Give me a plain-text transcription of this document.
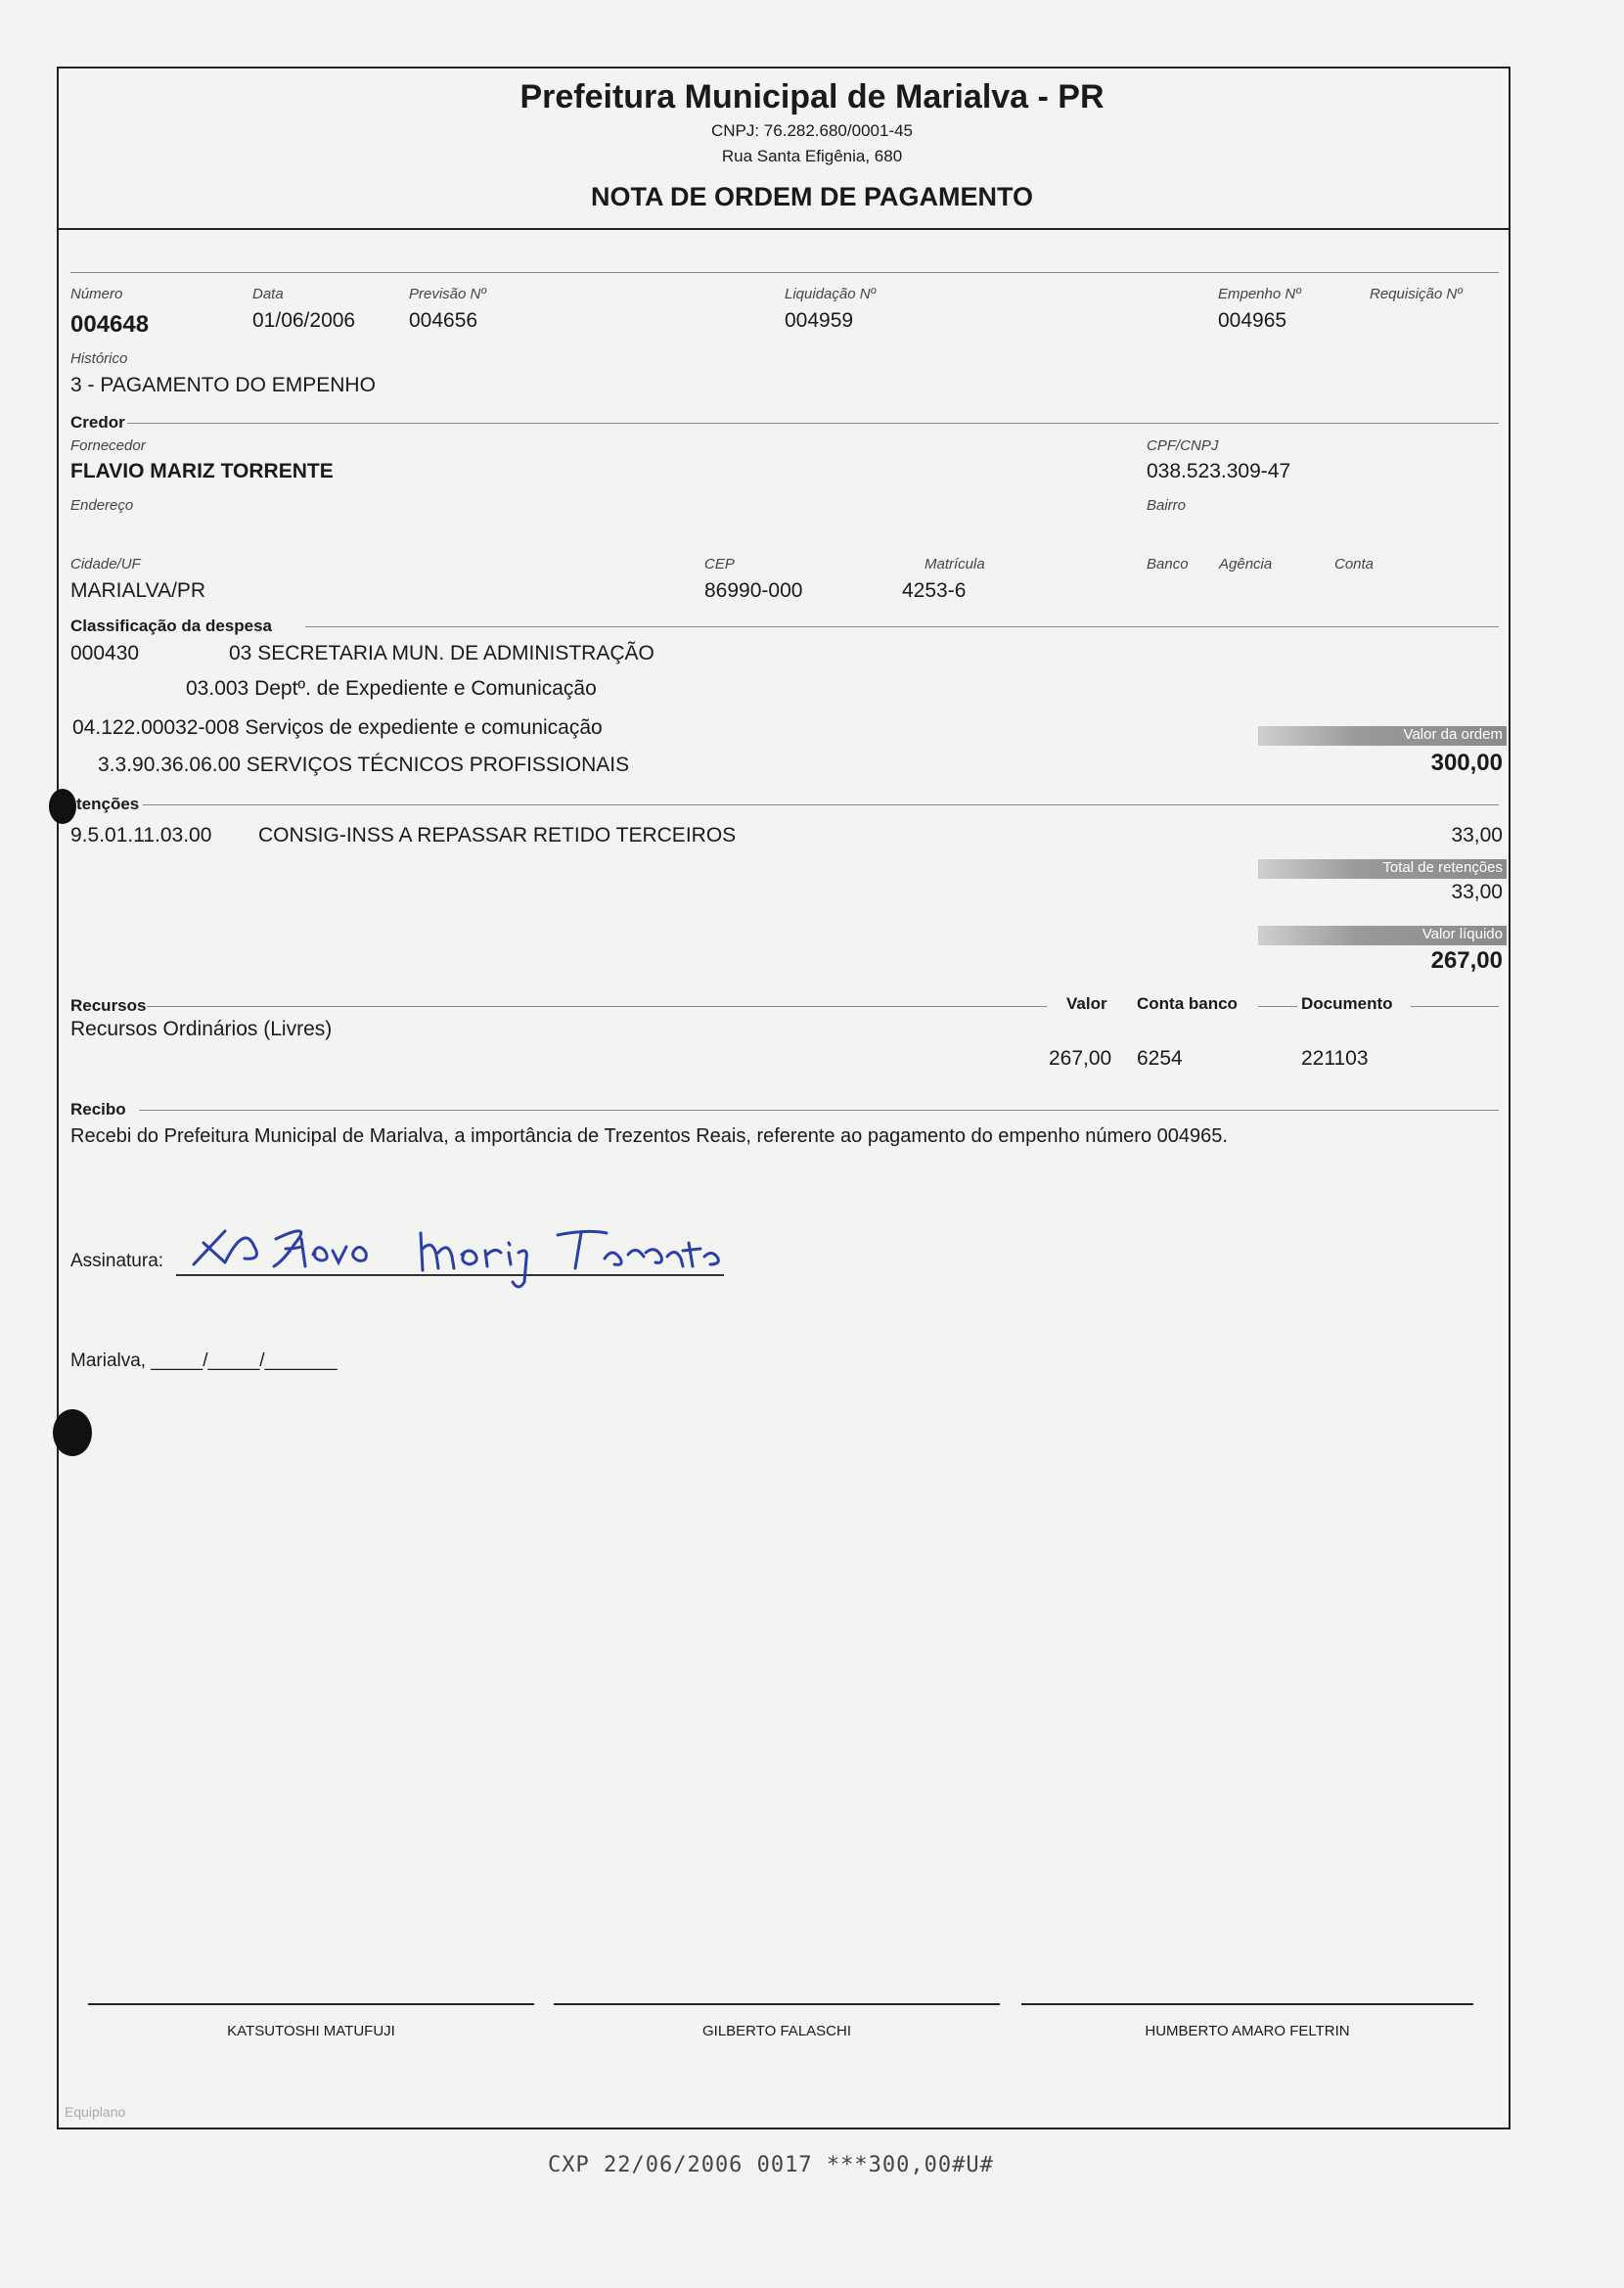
Prefeitura Municipal de Marialva - PR
CNPJ: 76.282.680/0001-45
Rua Santa Efigênia, 680
NOTA DE ORDEM DE PAGAMENTO
Número
004648
Data
01/06/2006
Previsão Nº
004656
Liquidação Nº
004959
Empenho Nº
004965
Requisição Nº
Histórico
3 - PAGAMENTO DO EMPENHO
Credor
Fornecedor
FLAVIO MARIZ TORRENTE
CPF/CNPJ
038.523.309-47
Endereço	Bairro
Cidade/UF
MARIALVA/PR
CEP
86990-000
Matrícula
4253-6
Banco Agência	Conta
Classificação da despesa
000430	03 SECRETARIA MUN. DE ADMINISTRAÇÃO
03.003 Deptº. de Expediente e Comunicação
04.122.00032-008 Serviços de expediente e comunicação
3.3.90.36.06.00 SERVIÇOS TÉCNICOS PROFISSIONAIS
Valor da ordem
300,00
tenções
9.5.01.11.03.00 CONSIG-INSS A REPASSAR RETIDO TERCEIROS	33,00
Total de retenções
33,00
Valor líquido
267,00
Recursos	Valor Conta banco	Documento
Recursos Ordinários (Livres)
267,00 6254	221103
Recibo
Recebi do Prefeitura Municipal de Marialva, a importância de Trezentos Reais, referente ao pagamento do empenho número 004965.
Assinatura:
Marialva, _____/_____/_______
KATSUTOSHI MATUFUJI	GILBERTO FALASCHI	HUMBERTO AMARO FELTRIN
Equiplano
CXP 22/06/2006 0017 ***300,00#U#
